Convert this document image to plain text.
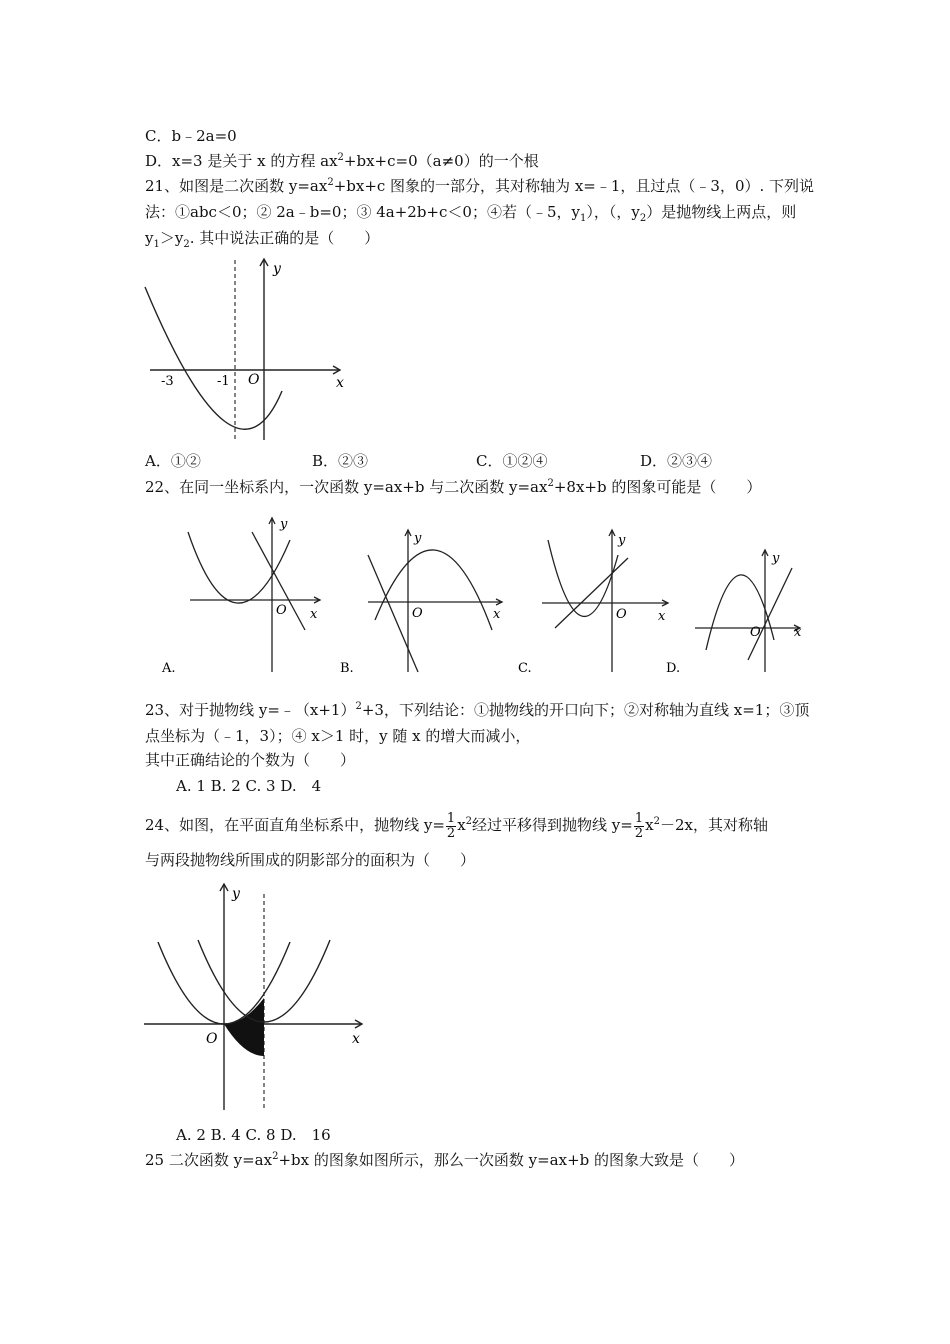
C．b﹣2a=0
D．x=3 是关于 x 的方程 $ax^2+bx+c=0(a\ne 0)$的一个根
21、如图是二次函数 $y=ax^2+bx+c$ 图象的一部分，其对称轴为 x=﹣1，且过点（﹣3，0）. 下列说
法：①abc＜0；② 2a﹣b=0；③ 4a+2b+c＜0；④若（﹣5，$y_1$），（，$y_2$）是抛物线上两点，则
$y_1>y_2$. 其中说法正确的是（　　）
y
x
O
-3	-1
A．①②	B．②③	C．①②④	D．②③④
22、在同一坐标系内，一次函数 y=ax+b 与二次函数 $y=ax^2+8x+b$ 的图象可能是（　　）
y
x
O
A.
y
x
O
B.
y
x
O
C.
y
x
O
D.
23、对于抛物线 $y=﹣(x+1)^2+3$，下列结论：①抛物线的开口向下；②对称轴为直线 x=1；③顶
点坐标为（﹣1，3）；④ x＞1 时，y 随 x 的增大而减小，
其中正确结论的个数为（　　）
A. 1 B. 2 C. 3 D.　4
24、如图，在平面直角坐标系中，抛物线 $y= \frac{1}{2} x^2$经过平移得到抛物线 $y= \frac{1}{2} x^2-2x$，其对称轴
与两段抛物线所围成的阴影部分的面积为（　　）
y
x
O
A. 2 B. 4 C. 8 D.　16
25 二次函数 $y=ax^2+bx$ 的图象如图所示，那么一次函数 y=ax+b 的图象大致是（　　）
